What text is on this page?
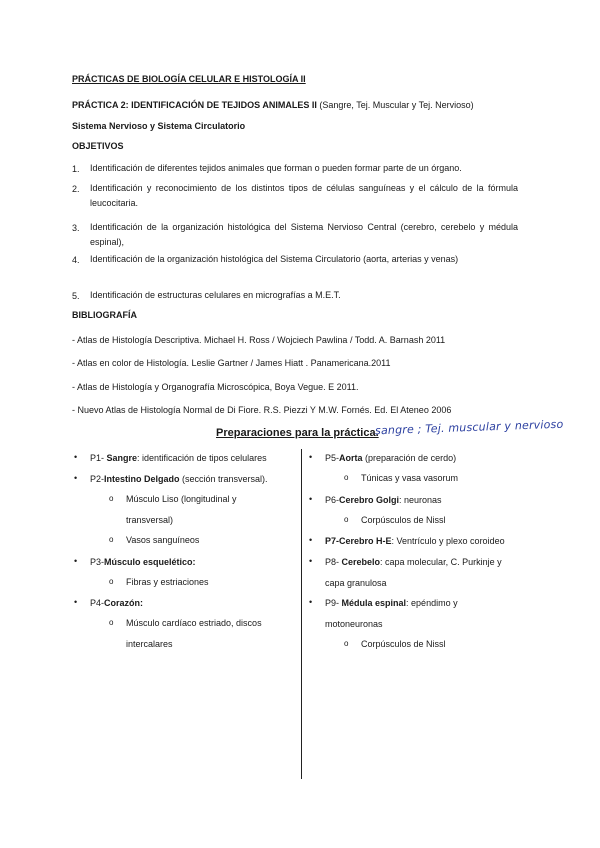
PRÁCTICAS DE BIOLOGÍA CELULAR E HISTOLOGÍA II
PRÁCTICA 2: IDENTIFICACIÓN DE TEJIDOS ANIMALES II (Sangre, Tej. Muscular y Tej. Nervioso)
Sistema Nervioso y Sistema Circulatorio
OBJETIVOS
1. Identificación de diferentes tejidos animales que forman o pueden formar parte de un órgano.
2. Identificación y reconocimiento de los distintos tipos de células sanguíneas y el cálculo de la fórmula leucocitaria.
3. Identificación de la organización histológica del Sistema Nervioso Central (cerebro, cerebelo y médula espinal),
4. Identificación de la organización histológica del Sistema Circulatorio (aorta, arterias y venas)
5. Identificación de estructuras celulares en micrografías a M.E.T.
BIBLIOGRAFÍA
- Atlas de Histología Descriptiva. Michael H. Ross / Wojciech Pawlina / Todd. A. Barnash 2011
- Atlas en color de Histología. Leslie Gartner / James Hiatt . Panamericana.2011
- Atlas de Histología y Organografía Microscópica, Boya Vegue. E 2011.
- Nuevo Atlas de Histología Normal de Di Fiore. R.S. Piezzi Y M.W. Fornés. Ed. El Ateneo 2006
Preparaciones para la práctica.
sangre ; Tej. muscular y nervioso
• P1- Sangre: identificación de tipos celulares
• P2-Intestino Delgado (sección transversal).
o Músculo Liso (longitudinal y
transversal)
o Vasos sanguíneos
• P3-Músculo esquelético:
o Fibras y estriaciones
• P4-Corazón:
o Músculo cardíaco estriado, discos
intercalares
• P5-Aorta (preparación de cerdo)
o Túnicas y vasa vasorum
• P6-Cerebro Golgi: neuronas
o Corpúsculos de Nissl
• P7-Cerebro H-E: Ventrículo y plexo coroideo
• P8- Cerebelo: capa molecular, C. Purkinje y
capa granulosa
• P9- Médula espinal: epéndimo y
motoneuronas
o Corpúsculos de Nissl
